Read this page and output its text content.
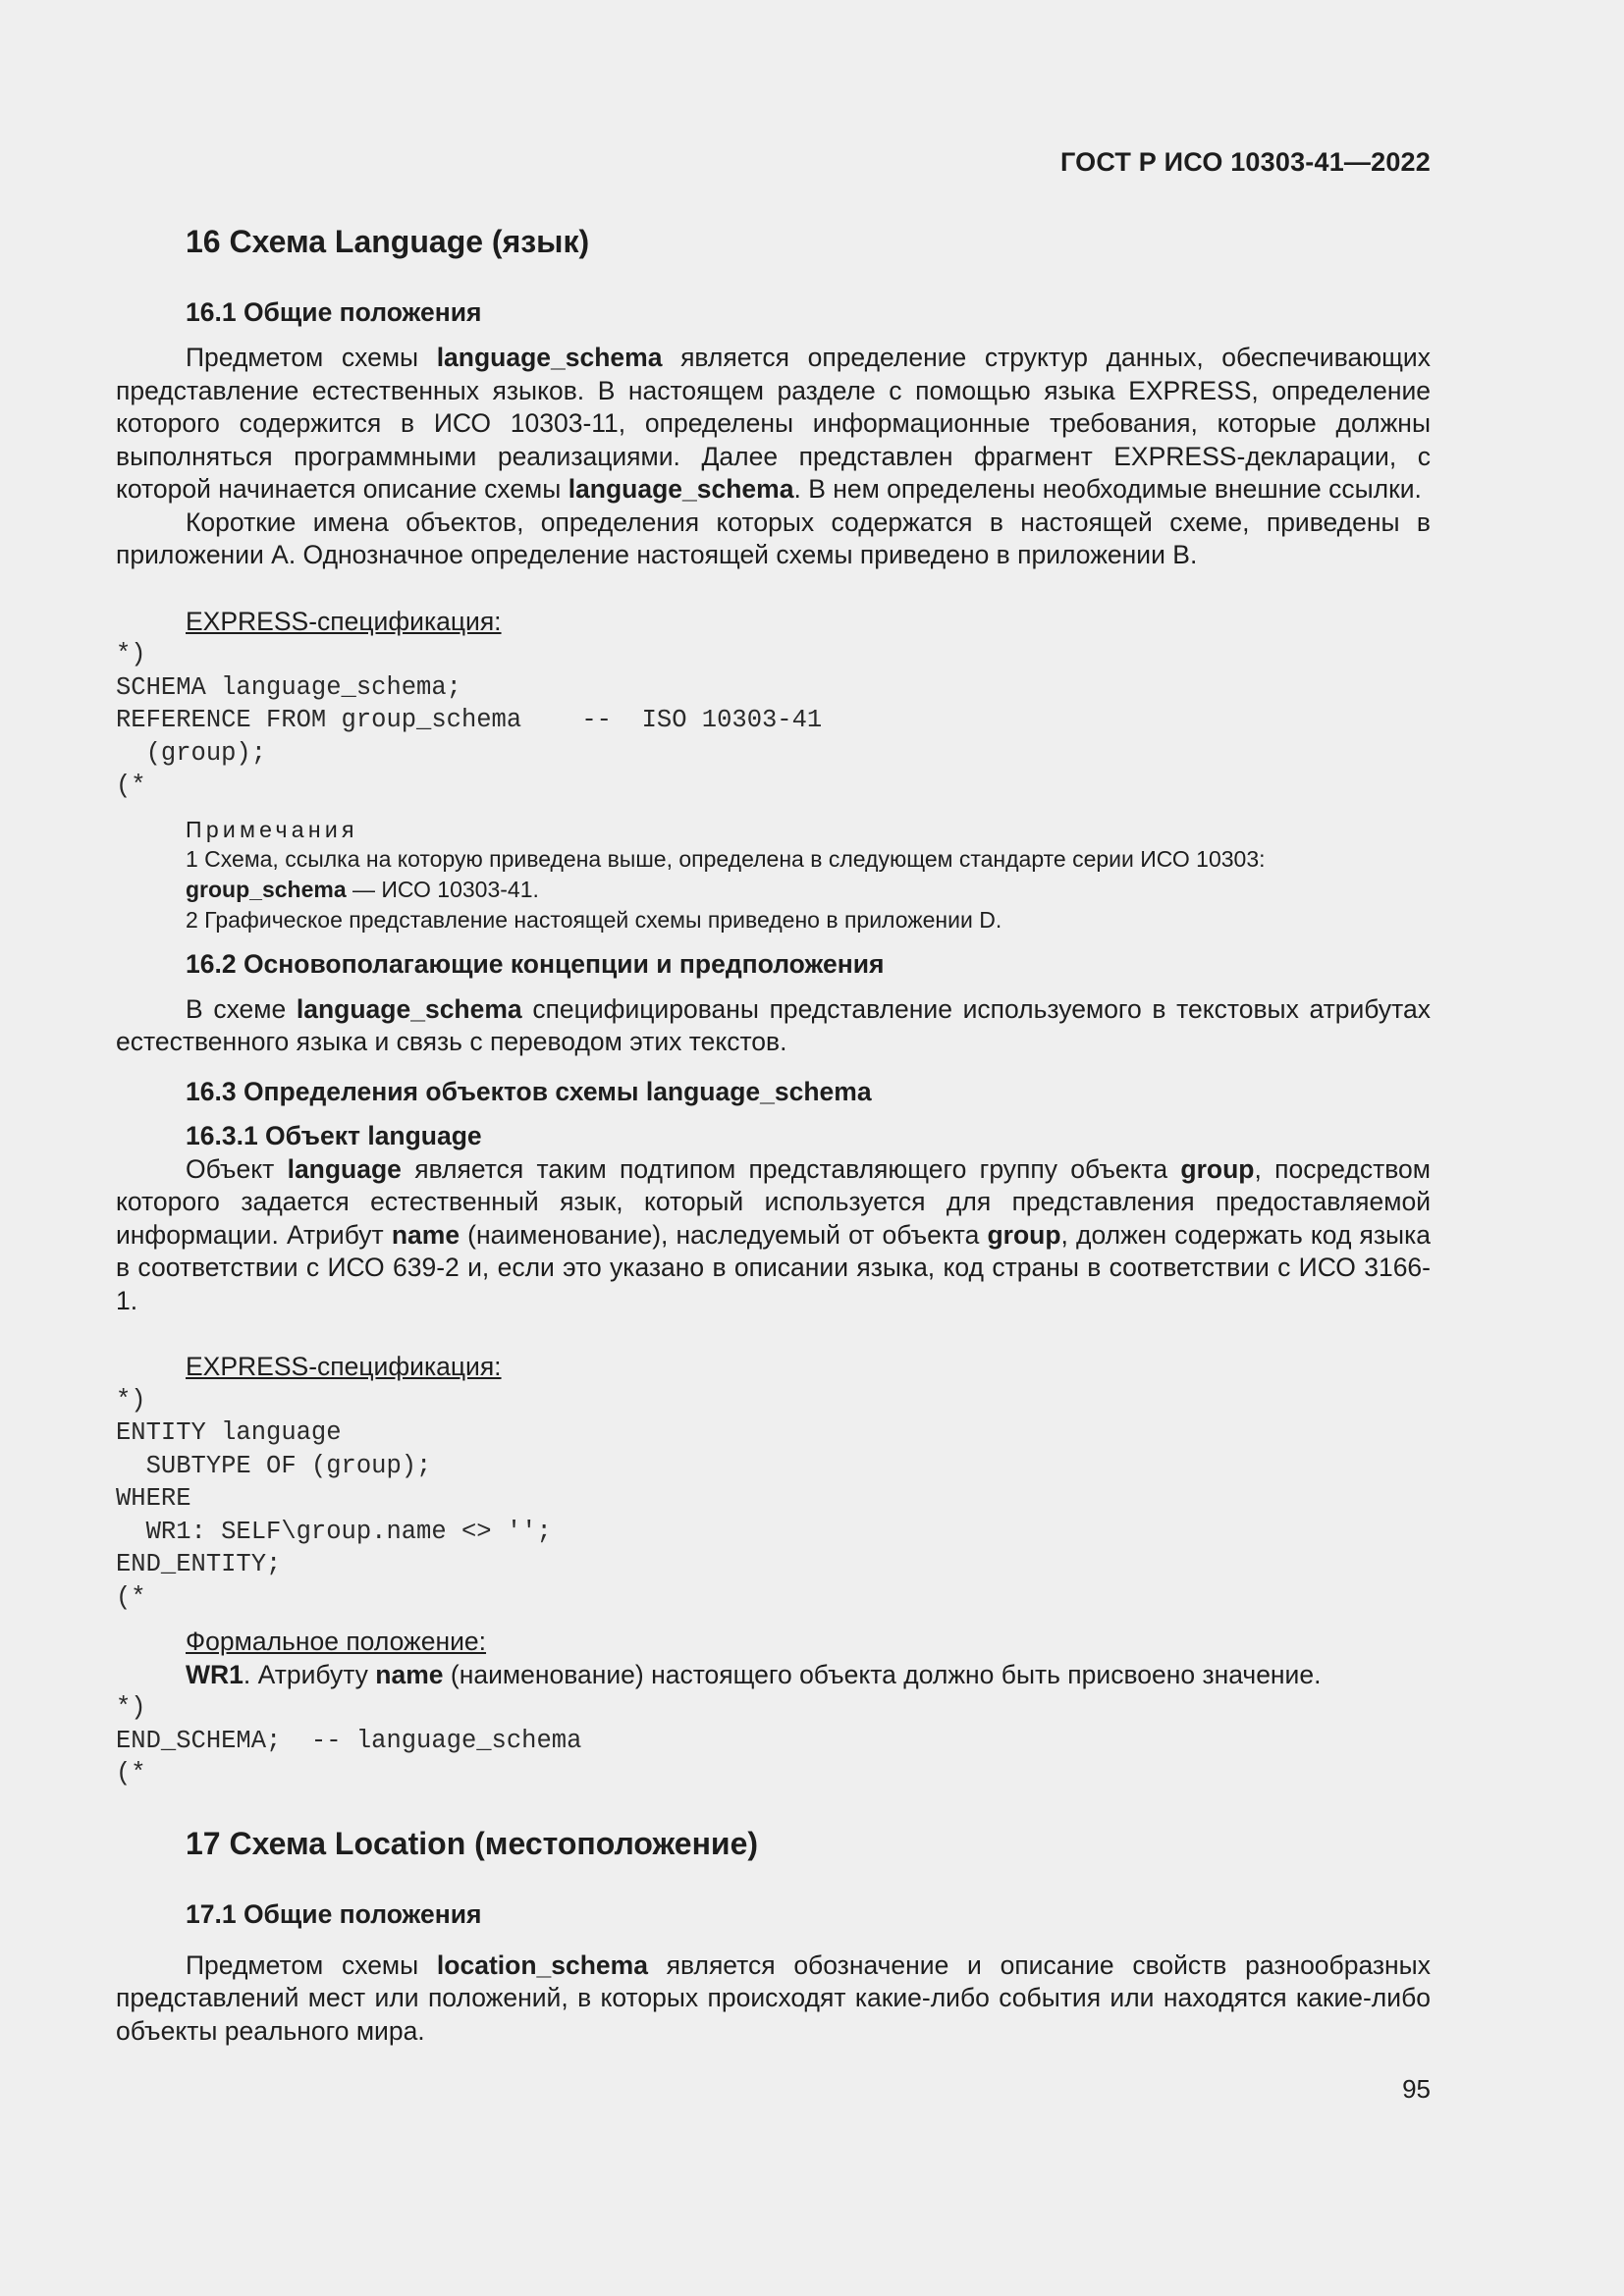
ГОСТ Р ИСО 10303-41—2022
16 Схема Language (язык)
16.1 Общие положения

Предметом схемы language_schema является определение структур данных, обеспечивающих представление естественных языков. В настоящем разделе с помощью языка EXPRESS, определение которого содержится в ИСО 10303-11, определены информационные требования, которые должны выполняться программными реализациями. Далее представлен фрагмент EXPRESS-декларации, с которой начинается описание схемы language_schema. В нем определены необходимые внешние ссылки.

Короткие имена объектов, определения которых содержатся в настоящей схеме, приведены в приложении А. Однозначное определение настоящей схемы приведено в приложении В.

EXPRESS-спецификация:
*)
SCHEMA language_schema;
REFERENCE FROM group_schema    --  ISO 10303-41
(group);
(*
Примечания
1 Схема, ссылка на которую приведена выше, определена в следующем стандарте серии ИСО 10303:
group_schema — ИСО 10303-41.
2 Графическое представление настоящей схемы приведено в приложении D.
16.2 Основополагающие концепции и предположения

В схеме language_schema специфицированы представление используемого в текстовых атрибутах естественного языка и связь с переводом этих текстов.

16.3 Определения объектов схемы language_schema
16.3.1 Объект language

Объект language является таким подтипом представляющего группу объекта group, посредством которого задается естественный язык, который используется для представления предоставляемой информации. Атрибут name (наименование), наследуемый от объекта group, должен содержать код языка в соответствии с ИСО 639-2 и, если это указано в описании языка, код страны в соответствии с ИСО 3166-1.

EXPRESS-спецификация:
*)
ENTITY language
SUBTYPE OF (group);
WHERE
WR1: SELF\group.name <> '';
END_ENTITY;
(*
Формальное положение:
WR1. Атрибуту name (наименование) настоящего объекта должно быть присвоено значение.
*)
END_SCHEMA;  -- language_schema
(*
17 Схема Location (местоположение)
17.1 Общие положения

Предметом схемы location_schema является обозначение и описание свойств разнообразных представлений мест или положений, в которых происходят какие-либо события или находятся какие-либо объекты реального мира.

95
